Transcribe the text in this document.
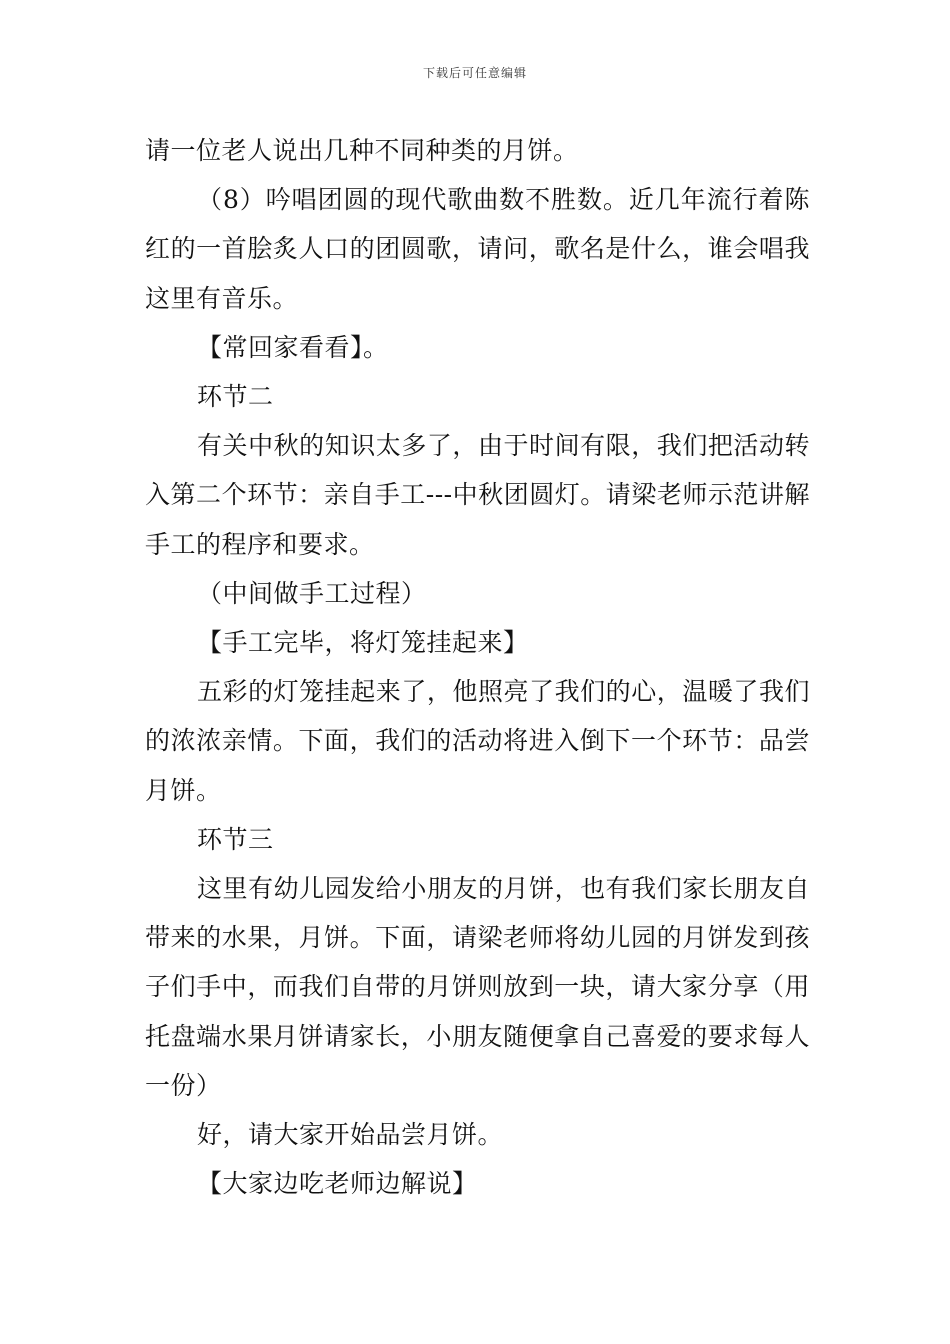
下载后可任意编辑

请一位老人说出几种不同种类的月饼。

（8）吟唱团圆的现代歌曲数不胜数。近几年流行着陈红的一首脍炙人口的团圆歌，请问，歌名是什么，谁会唱我这里有音乐。

【常回家看看】。

环节二

有关中秋的知识太多了，由于时间有限，我们把活动转入第二个环节：亲自手工---中秋团圆灯。请梁老师示范讲解手工的程序和要求。

（中间做手工过程）

【手工完毕，将灯笼挂起来】

五彩的灯笼挂起来了，他照亮了我们的心，温暖了我们的浓浓亲情。下面，我们的活动将进入倒下一个环节：品尝月饼。

环节三

这里有幼儿园发给小朋友的月饼，也有我们家长朋友自带来的水果，月饼。下面，请梁老师将幼儿园的月饼发到孩子们手中，而我们自带的月饼则放到一块，请大家分享（用托盘端水果月饼请家长，小朋友随便拿自己喜爱的要求每人一份）

好，请大家开始品尝月饼。

【大家边吃老师边解说】
